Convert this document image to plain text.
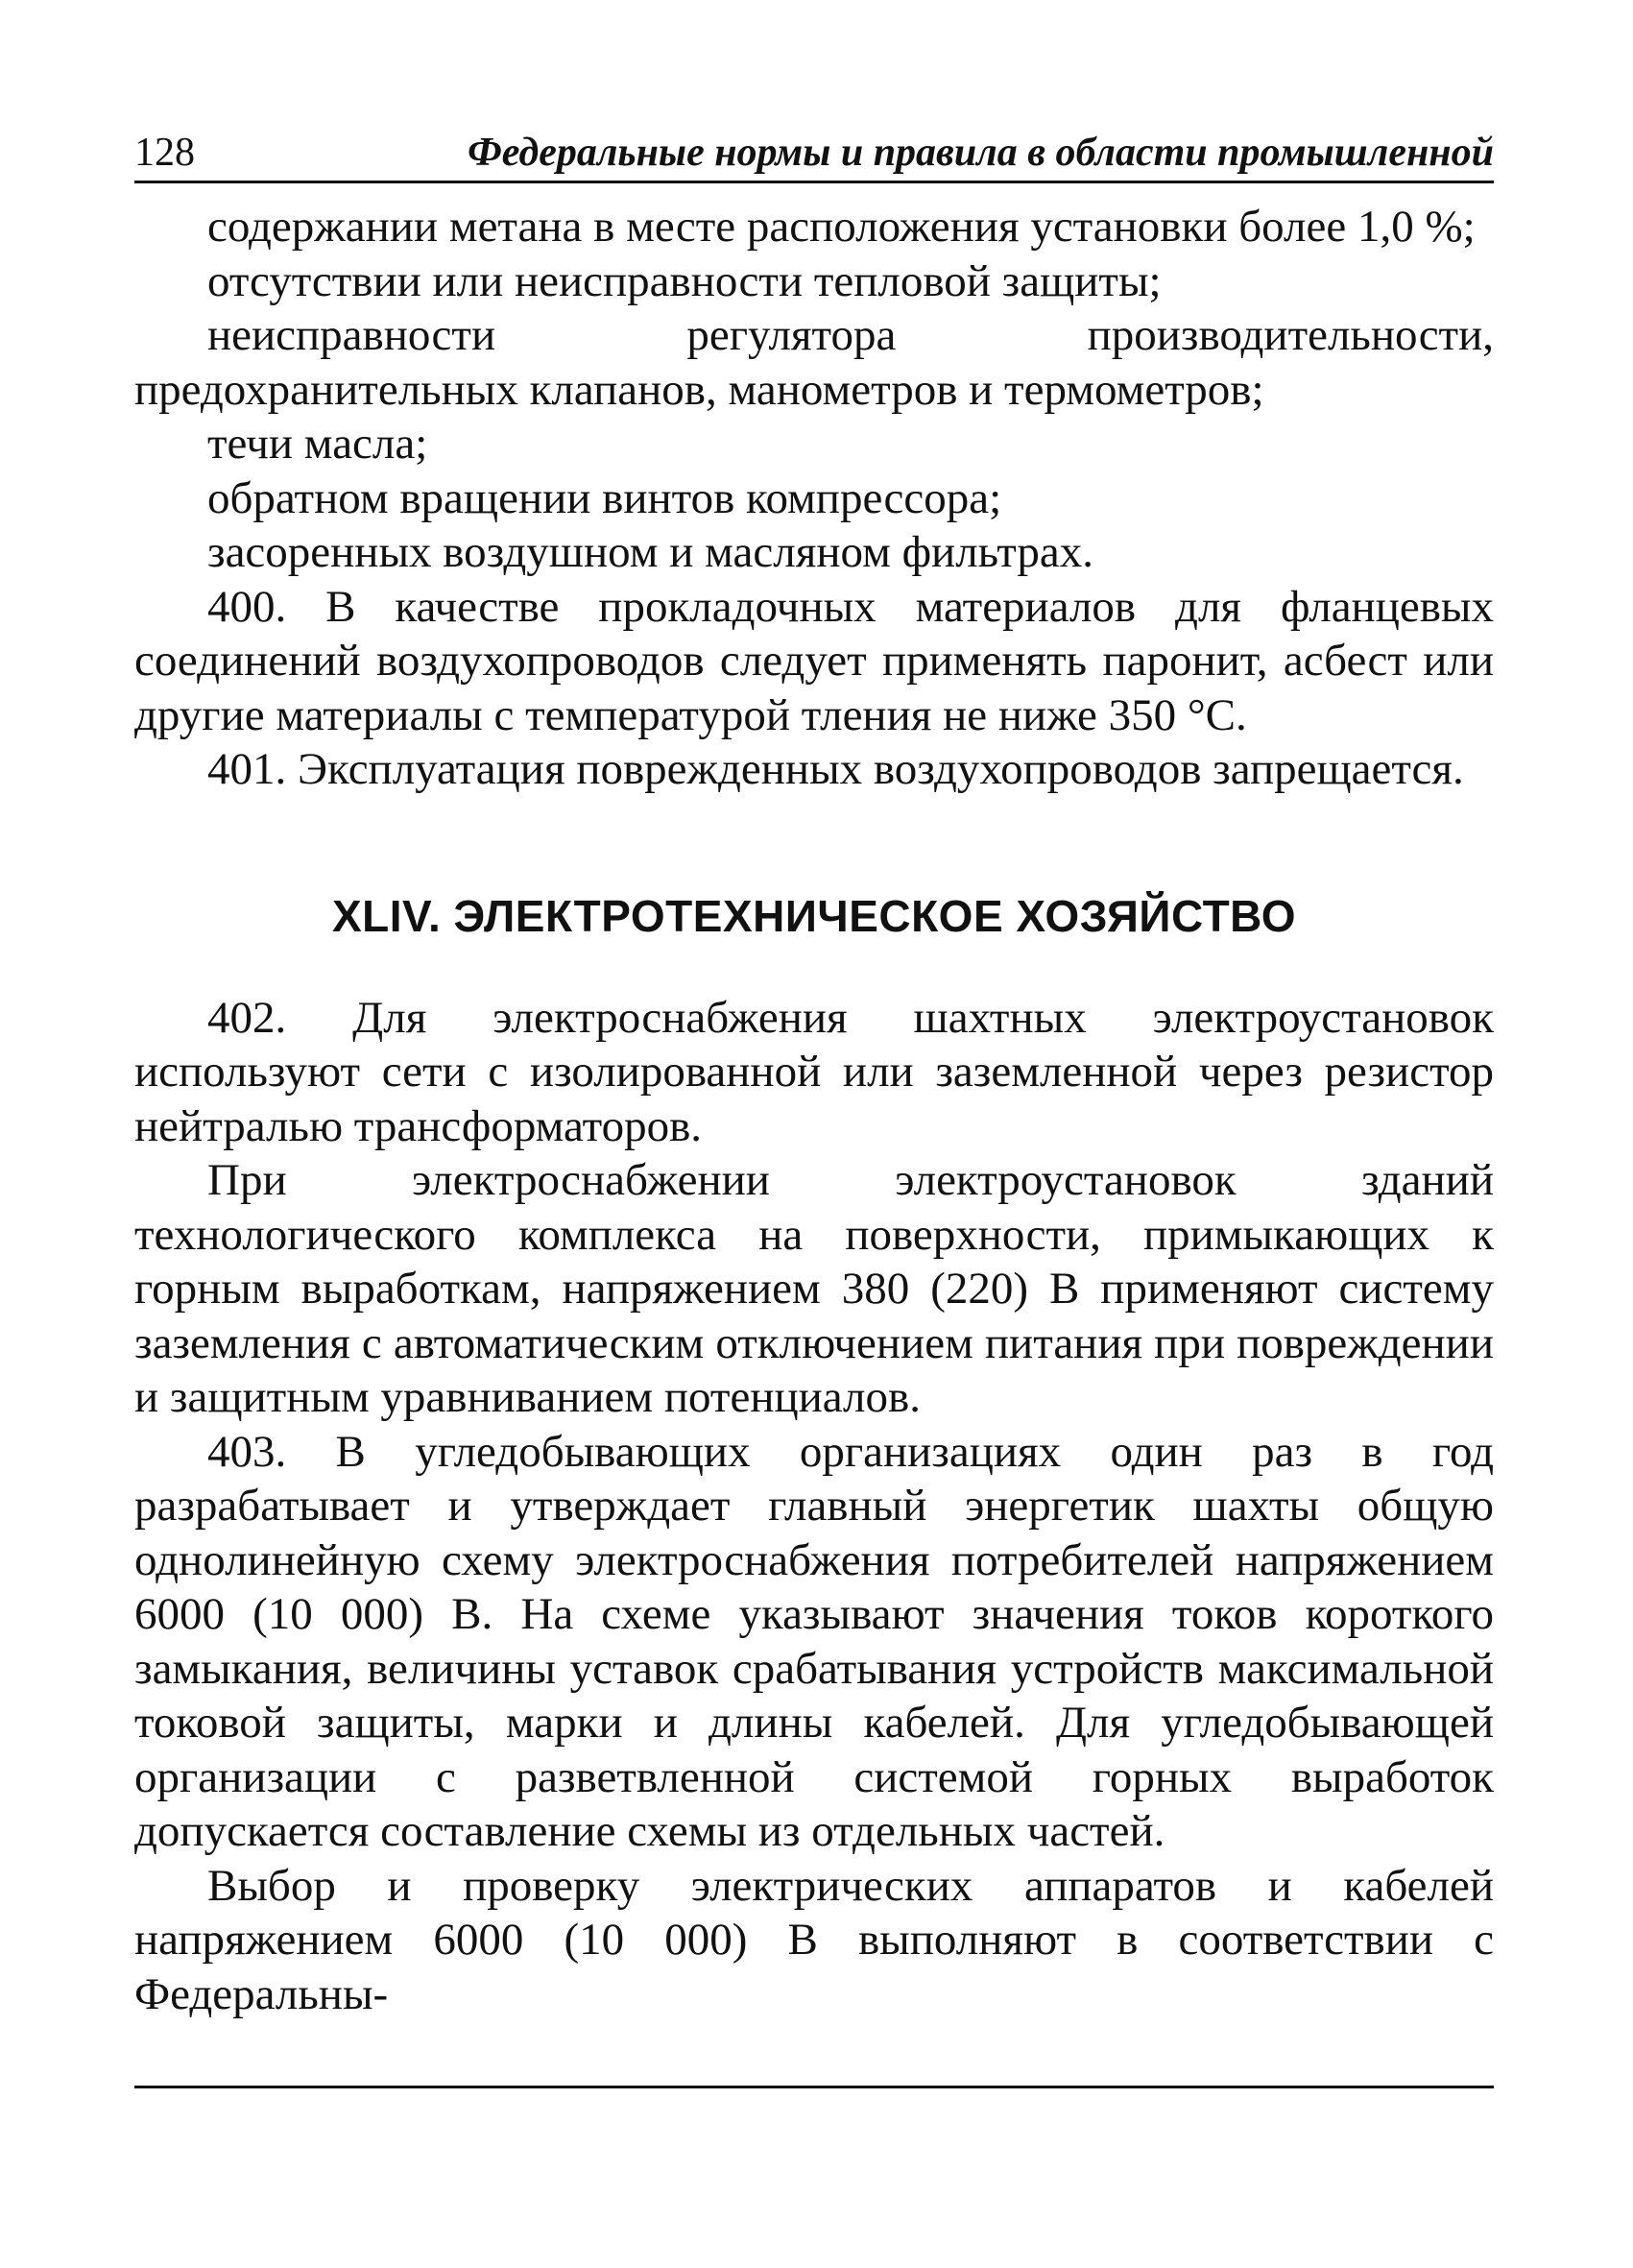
128	Федеральные нормы и правила в области промышленной

содержании метана в месте расположения установки более 1,0 %;

отсутствии или неисправности тепловой защиты;

неисправности регулятора производительности, предохранительных клапанов, манометров и термометров;

течи масла;

обратном вращении винтов компрессора;

засоренных воздушном и масляном фильтрах.

400. В качестве прокладочных материалов для фланцевых соединений воздухопроводов следует применять паронит, асбест или другие материалы с температурой тления не ниже 350 °С.

401. Эксплуатация поврежденных воздухопроводов запрещается.

XLIV. ЭЛЕКТРОТЕХНИЧЕСКОЕ ХОЗЯЙСТВО

402. Для электроснабжения шахтных электроустановок используют сети с изолированной или заземленной через резистор нейтралью трансформаторов.

При электроснабжении электроустановок зданий технологического комплекса на поверхности, примыкающих к горным выработкам, напряжением 380 (220) В применяют систему заземления с автоматическим отключением питания при повреждении и защитным уравниванием потенциалов.

403. В угледобывающих организациях один раз в год разрабатывает и утверждает главный энергетик шахты общую однолинейную схему электроснабжения потребителей напряжением 6000 (10 000) В. На схеме указывают значения токов короткого замыкания, величины уставок срабатывания устройств максимальной токовой защиты, марки и длины кабелей. Для угледобывающей организации с разветвленной системой горных выработок допускается составление схемы из отдельных частей.

Выбор и проверку электрических аппаратов и кабелей напряжением 6000 (10 000) В выполняют в соответствии с Федеральны-
